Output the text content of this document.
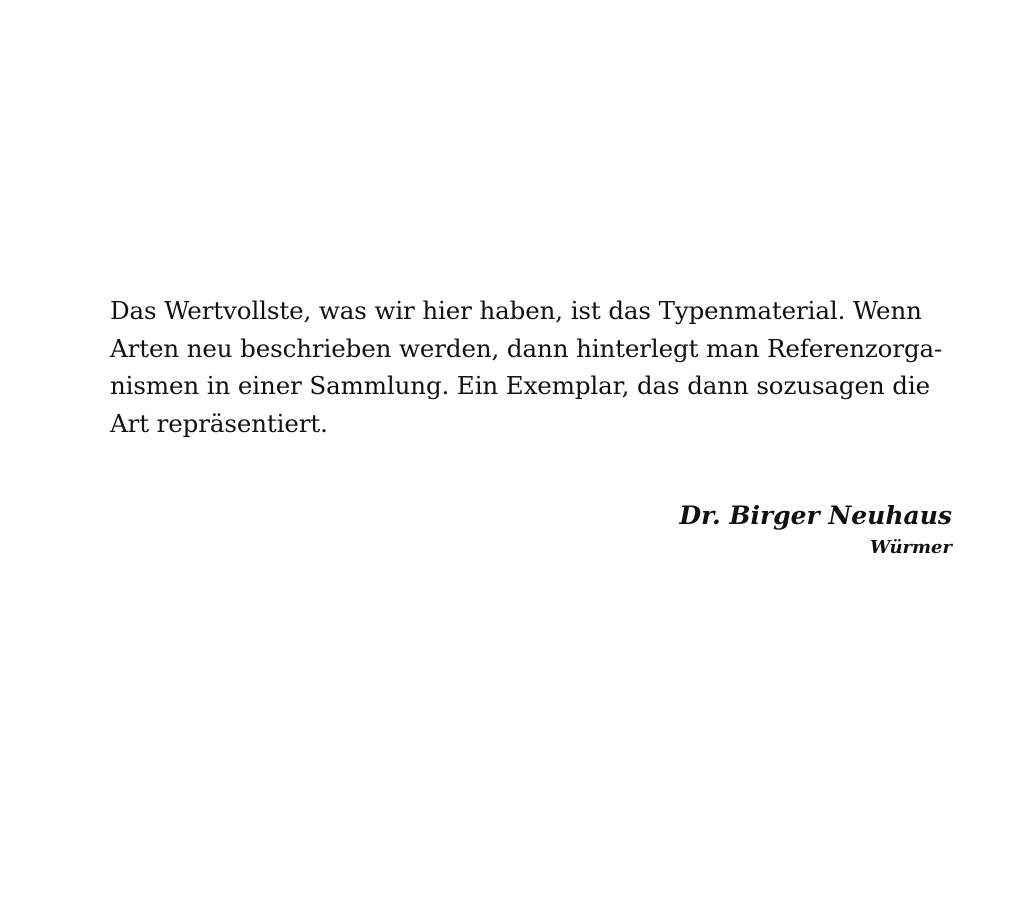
Das Wertvollste, was wir hier haben, ist das Typenmaterial. Wenn
Arten neu beschrieben werden, dann hinterlegt man Referenzorga-
nismen in einer Sammlung. Ein Exemplar, das dann sozusagen die
Art repräsentiert.

Dr. Birger Neuhaus

Würmer
